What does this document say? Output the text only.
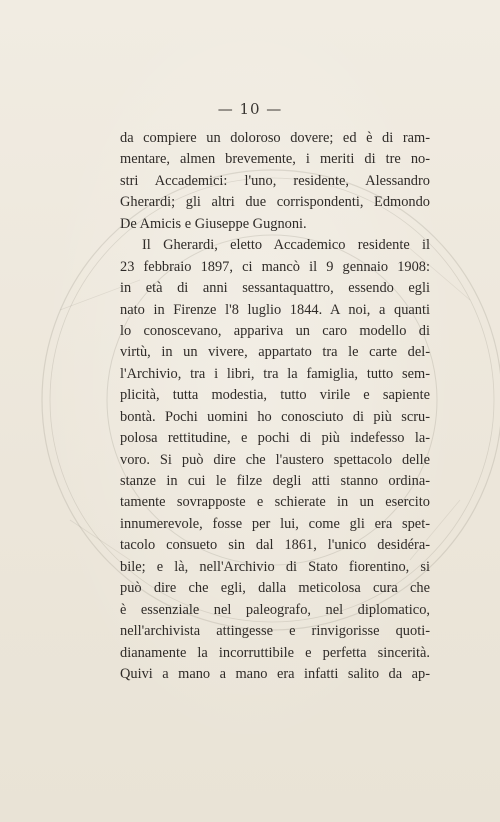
— 10 —
da compiere un doloroso dovere; ed è di ram-
mentare, almen brevemente, i meriti di tre no-
stri Accademici: l'uno, residente, Alessandro
Gherardi; gli altri due corrispondenti, Edmondo
De Amicis e Giuseppe Gugnoni.
Il Gherardi, eletto Accademico residente il
23 febbraio 1897, ci mancò il 9 gennaio 1908:
in età di anni sessantaquattro, essendo egli
nato in Firenze l'8 luglio 1844. A noi, a quanti
lo conoscevano, appariva un caro modello di
virtù, in un vivere, appartato tra le carte del-
l'Archivio, tra i libri, tra la famiglia, tutto sem-
plicità, tutta modestia, tutto virile e sapiente
bontà. Pochi uomini ho conosciuto di più scru-
polosa rettitudine, e pochi di più indefesso la-
voro. Si può dire che l'austero spettacolo delle
stanze in cui le filze degli atti stanno ordina-
tamente sovrapposte e schierate in un esercito
innumerevole, fosse per lui, come gli era spet-
tacolo consueto sin dal 1861, l'unico desidéra-
bile; e là, nell'Archivio di Stato fiorentino, si
può dire che egli, dalla meticolosa cura che
è essenziale nel paleografo, nel diplomatico,
nell'archivista attingesse e rinvigorisse quoti-
dianamente la incorruttibile e perfetta sincerità.
Quivi a mano a mano era infatti salito da ap-
